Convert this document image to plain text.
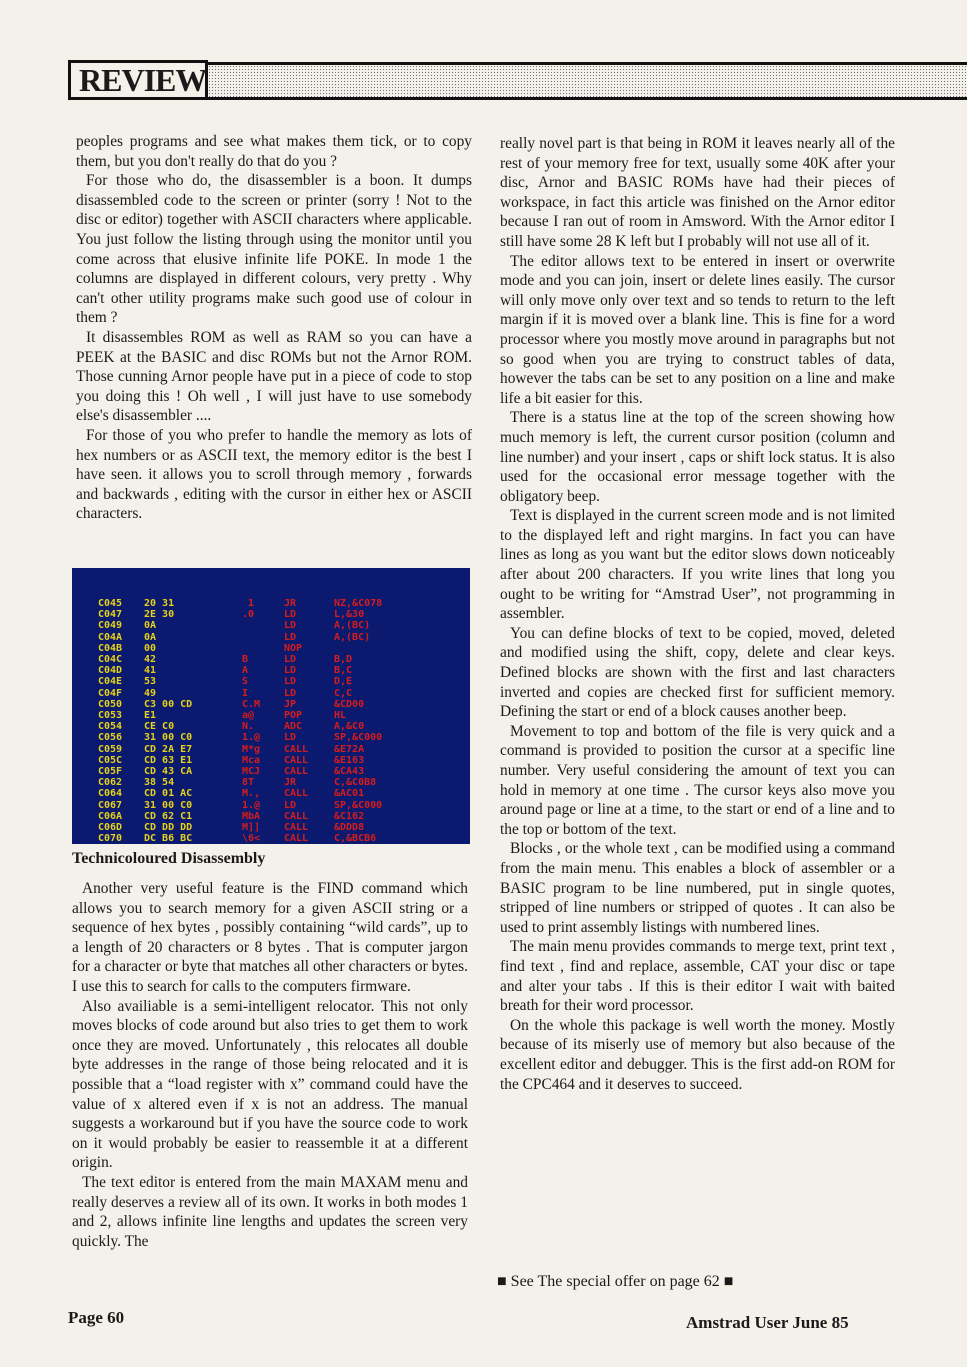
REVIEW

peoples programs and see what makes them tick, or to copy them, but you don't really do that do you ?

For those who do, the disassembler is a boon. It dumps disassembled code to the screen or printer (sorry ! Not to the disc or editor) together with ASCII characters where applicable. You just follow the listing through using the monitor until you come across that elusive infinite life POKE. In mode 1 the columns are displayed in different colours, very pretty . Why can't other utility programs make such good use of colour in them ?

It disassembles ROM as well as RAM so you can have a PEEK at the BASIC and disc ROMs but not the Arnor ROM. Those cunning Arnor people have put in a piece of code to stop you doing this ! Oh well , I will just have to use somebody else's disassembler ....

For those of you who prefer to handle the memory as lots of hex numbers or as ASCII text, the memory editor is the best I have seen. it allows you to scroll through memory , forwards and backwards , editing with the cursor in either hex or ASCII characters.

C045
C047
C049
C04A
C04B
C04C
C04D
C04E
C04F
C050
C053
C054
C056
C059
C05C
C05F
C062
C064
C067
C06A
C06D
C070

20 31
2E 30
0A
0A
00
42
41
53
49
C3 00 CD
E1
CE C0
31 00 C0
CD 2A E7
CD 63 E1
CD 43 CA
38 54
CD 01 AC
31 00 C0
CD 62 C1
CD DD DD
DC B6 BC

1
.0

B
A
S
I
C.M
a@
N.
1.@
M*g
Mca
MCJ
8T
M.,
1.@
MbA
M]]
\6<

JR
LD
LD
LD
NOP
LD
LD
LD
LD
JP
POP
ADC
LD
CALL
CALL
CALL
JR
CALL
LD
CALL
CALL
CALL

NZ,&C078
L,&30
A,(BC)
A,(BC)

B,D
B,C
D,E
C,C
&CD00
HL
A,&C0
SP,&C000
&E72A
&E163
&CA43
C,&C0B8
&AC01
SP,&C000
&C162
&DDD8
C,&BCB6

Technicoloured Disassembly

Another very useful feature is the FIND command which allows you to search memory for a given ASCII string or a sequence of hex bytes , possibly containing “wild cards”, up to a length of 20 characters or 8 bytes . That is computer jargon for a character or byte that matches all other characters or bytes. I use this to search for calls to the computers firmware.

Also availiable is a semi-intelligent relocator. This not only moves blocks of code around but also tries to get them to work once they are moved. Unfortunately , this relocates all double byte addresses in the range of those being relocated and it is possible that a “load register with x” command could have the value of x altered even if x is not an address. The manual suggests a workaround but if you have the source code to work on it would probably be easier to reassemble it at a different origin.

The text editor is entered from the main MAXAM menu and really deserves a review all of its own. It works in both modes 1 and 2, allows infinite line lengths and updates the screen very quickly. The

really novel part is that being in ROM it leaves nearly all of the rest of your memory free for text, usually some 40K after your disc, Arnor and BASIC ROMs have had their pieces of workspace, in fact this article was finished on the Arnor editor because I ran out of room in Amsword. With the Arnor editor I still have some 28 K left but I probably will not use all of it.

The editor allows text to be entered in insert or overwrite mode and you can join, insert or delete lines easily. The cursor will only move only over text and so tends to return to the left margin if it is moved over a blank line. This is fine for a word processor where you mostly move around in paragraphs but not so good when you are trying to construct tables of data, however the tabs can be set to any position on a line and make life a bit easier for this.

There is a status line at the top of the screen showing how much memory is left, the current cursor position (column and line number) and your insert , caps or shift lock status. It is also used for the occasional error message together with the obligatory beep.

Text is displayed in the current screen mode and is not limited to the displayed left and right margins. In fact you can have lines as long as you want but the editor slows down noticeably after about 200 characters. If you write lines that long you ought to be writing for “Amstrad User”, not programming in assembler.

You can define blocks of text to be copied, moved, deleted and modified using the shift, copy, delete and clear keys. Defined blocks are shown with the first and last characters inverted and copies are checked first for sufficient memory. Defining the start or end of a block causes another beep.

Movement to top and bottom of the file is very quick and a command is provided to position the cursor at a specific line number. Very useful considering the amount of text you can hold in memory at one time . The cursor keys also move you around page or line at a time, to the start or end of a line and to the top or bottom of the text.

Blocks , or the whole text , can be modified using a command from the main menu. This enables a block of assembler or a BASIC program to be line numbered, put in single quotes, stripped of line numbers or stripped of quotes . It can also be used to print assembly listings with numbered lines.

The main menu provides commands to merge text, print text , find text , find and replace, assemble, CAT your disc or tape and alter your tabs . If this is their editor I wait with baited breath for their word processor.

On the whole this package is well worth the money. Mostly because of its miserly use of memory but also because of the excellent editor and debugger. This is the first add-on ROM for the CPC464 and it deserves to succeed.

■ See The special offer on page 62 ■
Page 60	Amstrad User June 85
